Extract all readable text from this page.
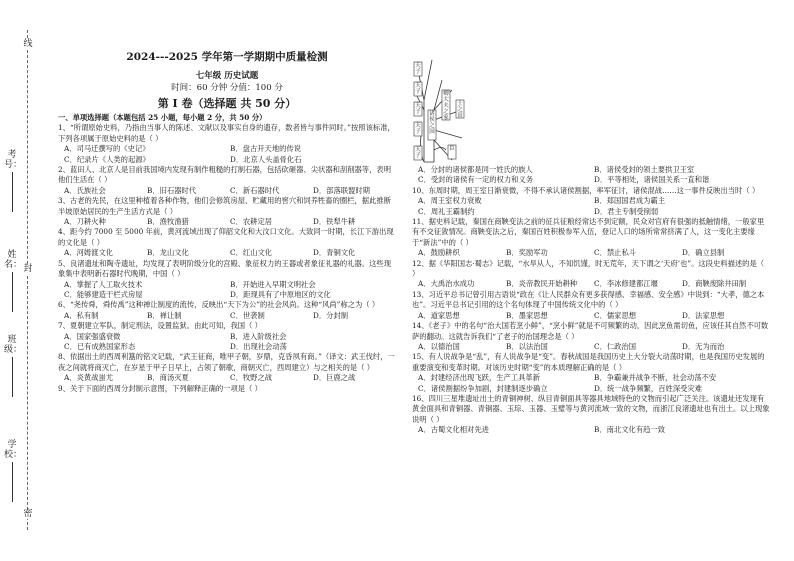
线
封
密
考号：
姓名：
班级：
学校：
2024---2025 学年第一学期期中质量检测
七年级 历史试题
时间：60 分钟 分值：100 分
第 I 卷（选择题 共 50 分）
一、单项选择题（本题包括 25 小题，每小题 2 分，共 50 分）
1、“所谓原始史料，乃指由当事人的陈述、文献以及事实自身的遗存，数者皆与事件同时。”按照该标准，下列各项属于原始史料的是（ ）
A．司马迁撰写的《史记》	B．盘古开天地的传说
C．纪录片《人类的起源》	D．北京人头盖骨化石
2、蓝田人、北京人是目前我国境内发现有制作粗糙的打制石器，包括砍砸器、尖状器和刮削器等，表明他们生活在（ ）
A．氏族社会	B．旧石器时代	C．新石器时代	D．部落联盟时期
3、古老的先民，在这里种植着各种作物，他们会修筑房屋、贮藏用的窖穴和饲养牲畜的圈栏，据此推断半坡原始居民的生产生活方式是（ ）
A．刀耕火种	B．渔牧渔猎	C．农耕定居	D．铁犁牛耕
4、距今约 7000 至 5000 年前，黄河流域出现了仰韶文化和大汶口文化。大致同一时期，长江下游出现的文化是（ ）
A．河姆渡文化	B．龙山文化	C．红山文化	D．青铜文化
5、良渚遗址和陶寺遗址，均发现了表明阶级分化的宫殿、象征权力的王器或者象征礼器的礼器。这些现象集中表明新石器时代晚期，中国（ ）
A．掌握了人工取火技术	B．开始进入早期文明社会
C．能够建造干栏式房屋	D．距现具有了中原地区的文化
6、“尧传舜，舜传禹”这种禅让制度的流传，反映出“天下为公”的社会风尚。这种“风尚”称之为（ ）
A．私有制	B．禅让制	C．世袭制	D．分封制
7、夏朝建立军队，制定刑法，设置监狱。由此可知，我国（ ）
A．国家强盛衰微	B．进入阶级社会
C．已有成熟国家形态	D．出现社会动荡
8、依据出土的西周利簋的铭文记载，“武王征商，唯甲子朝，岁鼎，克昏夙有商。”（译文：武王伐纣，一夜之间就将商灭亡，在岁星于甲子日早上，占领了朝歌，商朝灭亡，西周建立）与之相关的是（ ）
A．炎黄战蚩尤	B．商汤灭夏	C．牧野之战	D．巨鹿之战
9、关于下面的西周分封制示意图，下列解释正确的一项是（ ）
天子
天子
天子
天子
天子
诸侯之国
卿大夫之家
士之田
臣
A．分封的诸侯都是同一姓氏的族人	B．诸侯受封的领土要拱卫王室
C．受封的诸侯有一定的权力和义务	D．平等相处，诸侯国关系一直和谐
10、东周时期，周王室日渐衰微，不得不承认诸侯割据，率军征讨，诸侯混战……这一事件反映出当时（ ）
A．周王室权力衰败	B．郑国国君成为霸主
C．周礼王霸制约	D．君主专制受削弱
11、据史料记载，秦国在商鞅变法之前的征兵征粮经常达不到定额，民众对官府有很强的抵触情绪，一般家里有不交征敛情况。商鞅变法之后，秦国百姓积极参军入伍，登记人口的场所常常挤满了人，这一变化主要缘于“新法”中的（ ）
A．鼓励耕织	B．奖励军功	C．禁止私斗	D．确立县制
12、据《华阳国志·蜀志》记载，“水旱从人，不知饥馑，时无荒年，天下谓之‘天府’也”。这段史料描述的是（ ）
A．大禹治水成功	B．炎帝教民开始耕种	C．李冰修建都江堰	D．商鞅废除井田制
13、习近平总书记曾引用古语说“政在《让人民群众有更多获得感、幸福感、安全感》中说到：“大孝，德之本也”。习近平总书记引用的这个名句体现了中国传统文化中的（ ）
A．道家思想	B．墨家思想	C．儒家思想	D．法家思想
14、《老子》中的名句“治大国若烹小鲜”，“烹小鲜”就是不可频繁的动，因此烹鱼需切鱼，应该任其自然不可数萨的翻动。这就告诉我们“了老子的治国理念是（ ）
A．以德治国	B．以法治国	C．仁政治国	D．无为而治
15、有人说战争是“乱”，有人说战争是“变”。春秋战国是我国历史上大分裂大动荡时期，也是我国历史发展的重要演变和变革时期。对该历史时期“变”的本质理解正确的是（ ）
A．封建经济出现飞跃，生产工具革新	B．争霸兼并战争不断，社会动荡不安
C．诸侯割据纷争加剧，封建制逐步确立	D．统一战争频繁，百姓深受灾难
16、四川三星堆遗址出土的青铜神树、纵目青铜面具等器具地域特色的文物而引起广泛关注。该遗址还发现有黄金面具和青铜器、青铜器、玉琮、玉器、玉璧等与黄河流域一致的文物，而浙江良渚遗址也有出土。以上现象说明（ ）
A．古蜀文化相对先进	B．南北文化有趋一致
